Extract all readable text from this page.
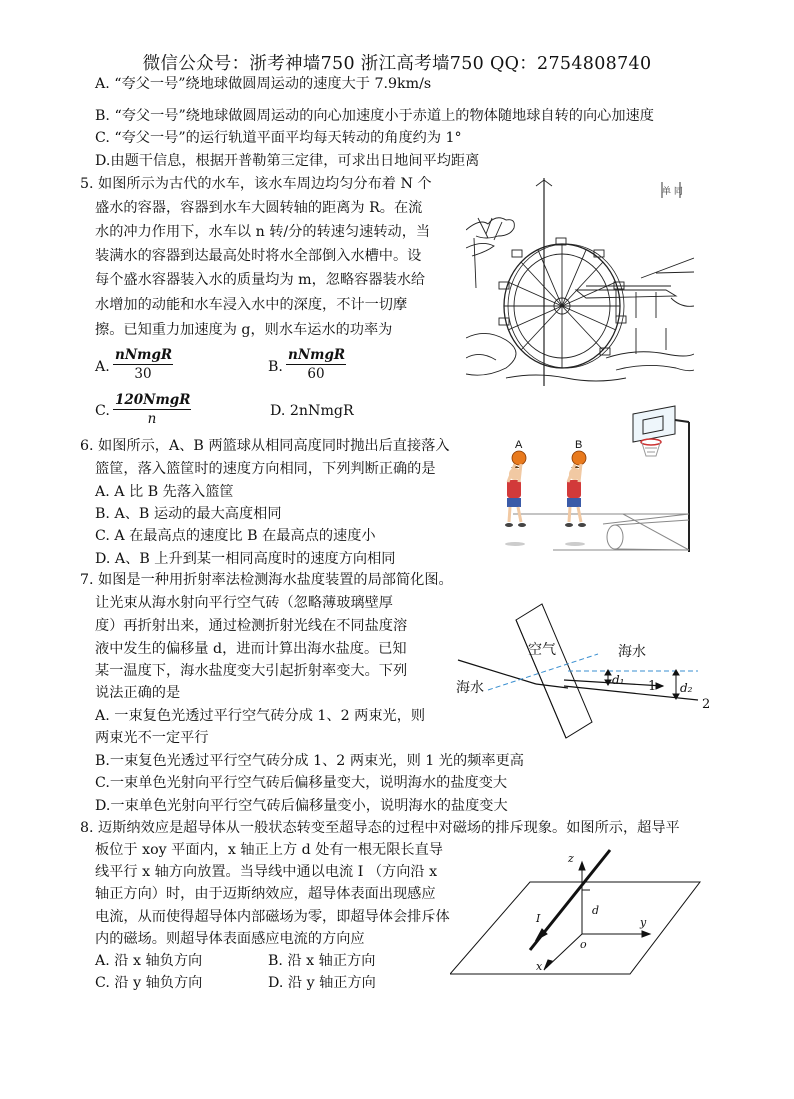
微信公众号：浙考神墙750 浙江高考墙750 QQ：2754808740
A. “夸父一号”绕地球做圆周运动的速度大于 7.9km/s
B. “夸父一号”绕地球做圆周运动的向心加速度小于赤道上的物体随地球自转的向心加速度
C. “夸父一号”的运行轨道平面平均每天转动的角度约为 1°
D.由题干信息，根据开普勒第三定律，可求出日地间平均距离
5. 如图所示为古代的水车，该水车周边均匀分布着 N 个
盛水的容器，容器到水车大圆转轴的距离为 R。在流
水的冲力作用下，水车以 n 转/分的转速匀速转动，当
装满水的容器到达最高处时将水全部倒入水槽中。设
每个盛水容器装入水的质量均为 m，忽略容器装水给
水增加的动能和水车浸入水中的深度，不计一切摩
擦。已知重力加速度为 g，则水车运水的功率为
A.
nNmgR
30	B.
nNmgR
60
C.
120NmgR
n	D. 2nNmgR
单 同
6. 如图所示，A、B 两篮球从相同高度同时抛出后直接落入
篮筐，落入篮筐时的速度方向相同，下列判断正确的是
A. A 比 B 先落入篮筐
B. A、B 运动的最大高度相同
C. A 在最高点的速度比 B 在最高点的速度小
D. A、B 上升到某一相同高度时的速度方向相同
A	B
7. 如图是一种用折射率法检测海水盐度装置的局部简化图。
让光束从海水射向平行空气砖（忽略薄玻璃壁厚
度）再折射出来，通过检测折射光线在不同盐度溶
液中发生的偏移量 d，进而计算出海水盐度。已知
某一温度下，海水盐度变大引起折射率变大。下列
说法正确的是
A. 一束复色光透过平行空气砖分成 1、2 两束光，则
两束光不一定平行
B.一束复色光透过平行空气砖分成 1、2 两束光，则 1 光的频率更高
C.一束单色光射向平行空气砖后偏移量变大，说明海水的盐度变大
D.一束单色光射向平行空气砖后偏移量变小，说明海水的盐度变大
空气	海水
海水	d₁
d₂
1
2
8. 迈斯纳效应是超导体从一般状态转变至超导态的过程中对磁场的排斥现象。如图所示，超导平
板位于 xoy 平面内，x 轴正上方 d 处有一根无限长直导
线平行 x 轴方向放置。当导线中通以电流 I （方向沿 x
轴正方向）时，由于迈斯纳效应，超导体表面出现感应
电流，从而使得超导体内部磁场为零，即超导体会排斥体
内的磁场。则超导体表面感应电流的方向应
A. 沿 x 轴负方向	B. 沿 x 轴正方向
C. 沿 y 轴负方向	D. 沿 y 轴正方向
z
y
x
o
d
I
